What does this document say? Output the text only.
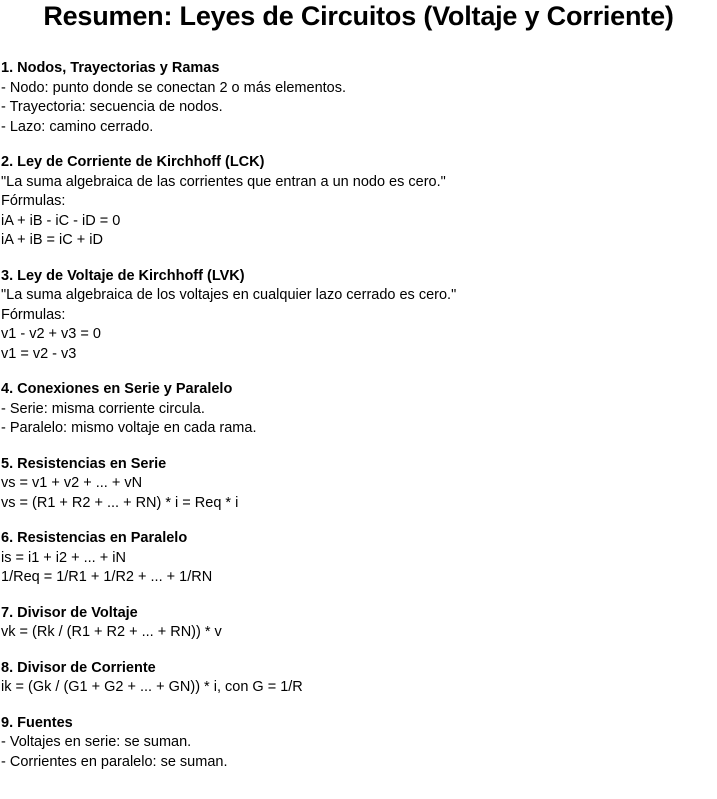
Resumen: Leyes de Circuitos (Voltaje y Corriente)
1. Nodos, Trayectorias y Ramas
- Nodo: punto donde se conectan 2 o más elementos.
- Trayectoria: secuencia de nodos.
- Lazo: camino cerrado.
2. Ley de Corriente de Kirchhoff (LCK)
"La suma algebraica de las corrientes que entran a un nodo es cero."
Fórmulas:
iA + iB - iC - iD = 0
iA + iB = iC + iD
3. Ley de Voltaje de Kirchhoff (LVK)
"La suma algebraica de los voltajes en cualquier lazo cerrado es cero."
Fórmulas:
v1 - v2 + v3 = 0
v1 = v2 - v3
4. Conexiones en Serie y Paralelo
- Serie: misma corriente circula.
- Paralelo: mismo voltaje en cada rama.
5. Resistencias en Serie
vs = v1 + v2 + ... + vN
vs = (R1 + R2 + ... + RN) * i = Req * i
6. Resistencias en Paralelo
is = i1 + i2 + ... + iN
1/Req = 1/R1 + 1/R2 + ... + 1/RN
7. Divisor de Voltaje
vk = (Rk / (R1 + R2 + ... + RN)) * v
8. Divisor de Corriente
ik = (Gk / (G1 + G2 + ... + GN)) * i, con G = 1/R
9. Fuentes
- Voltajes en serie: se suman.
- Corrientes en paralelo: se suman.
